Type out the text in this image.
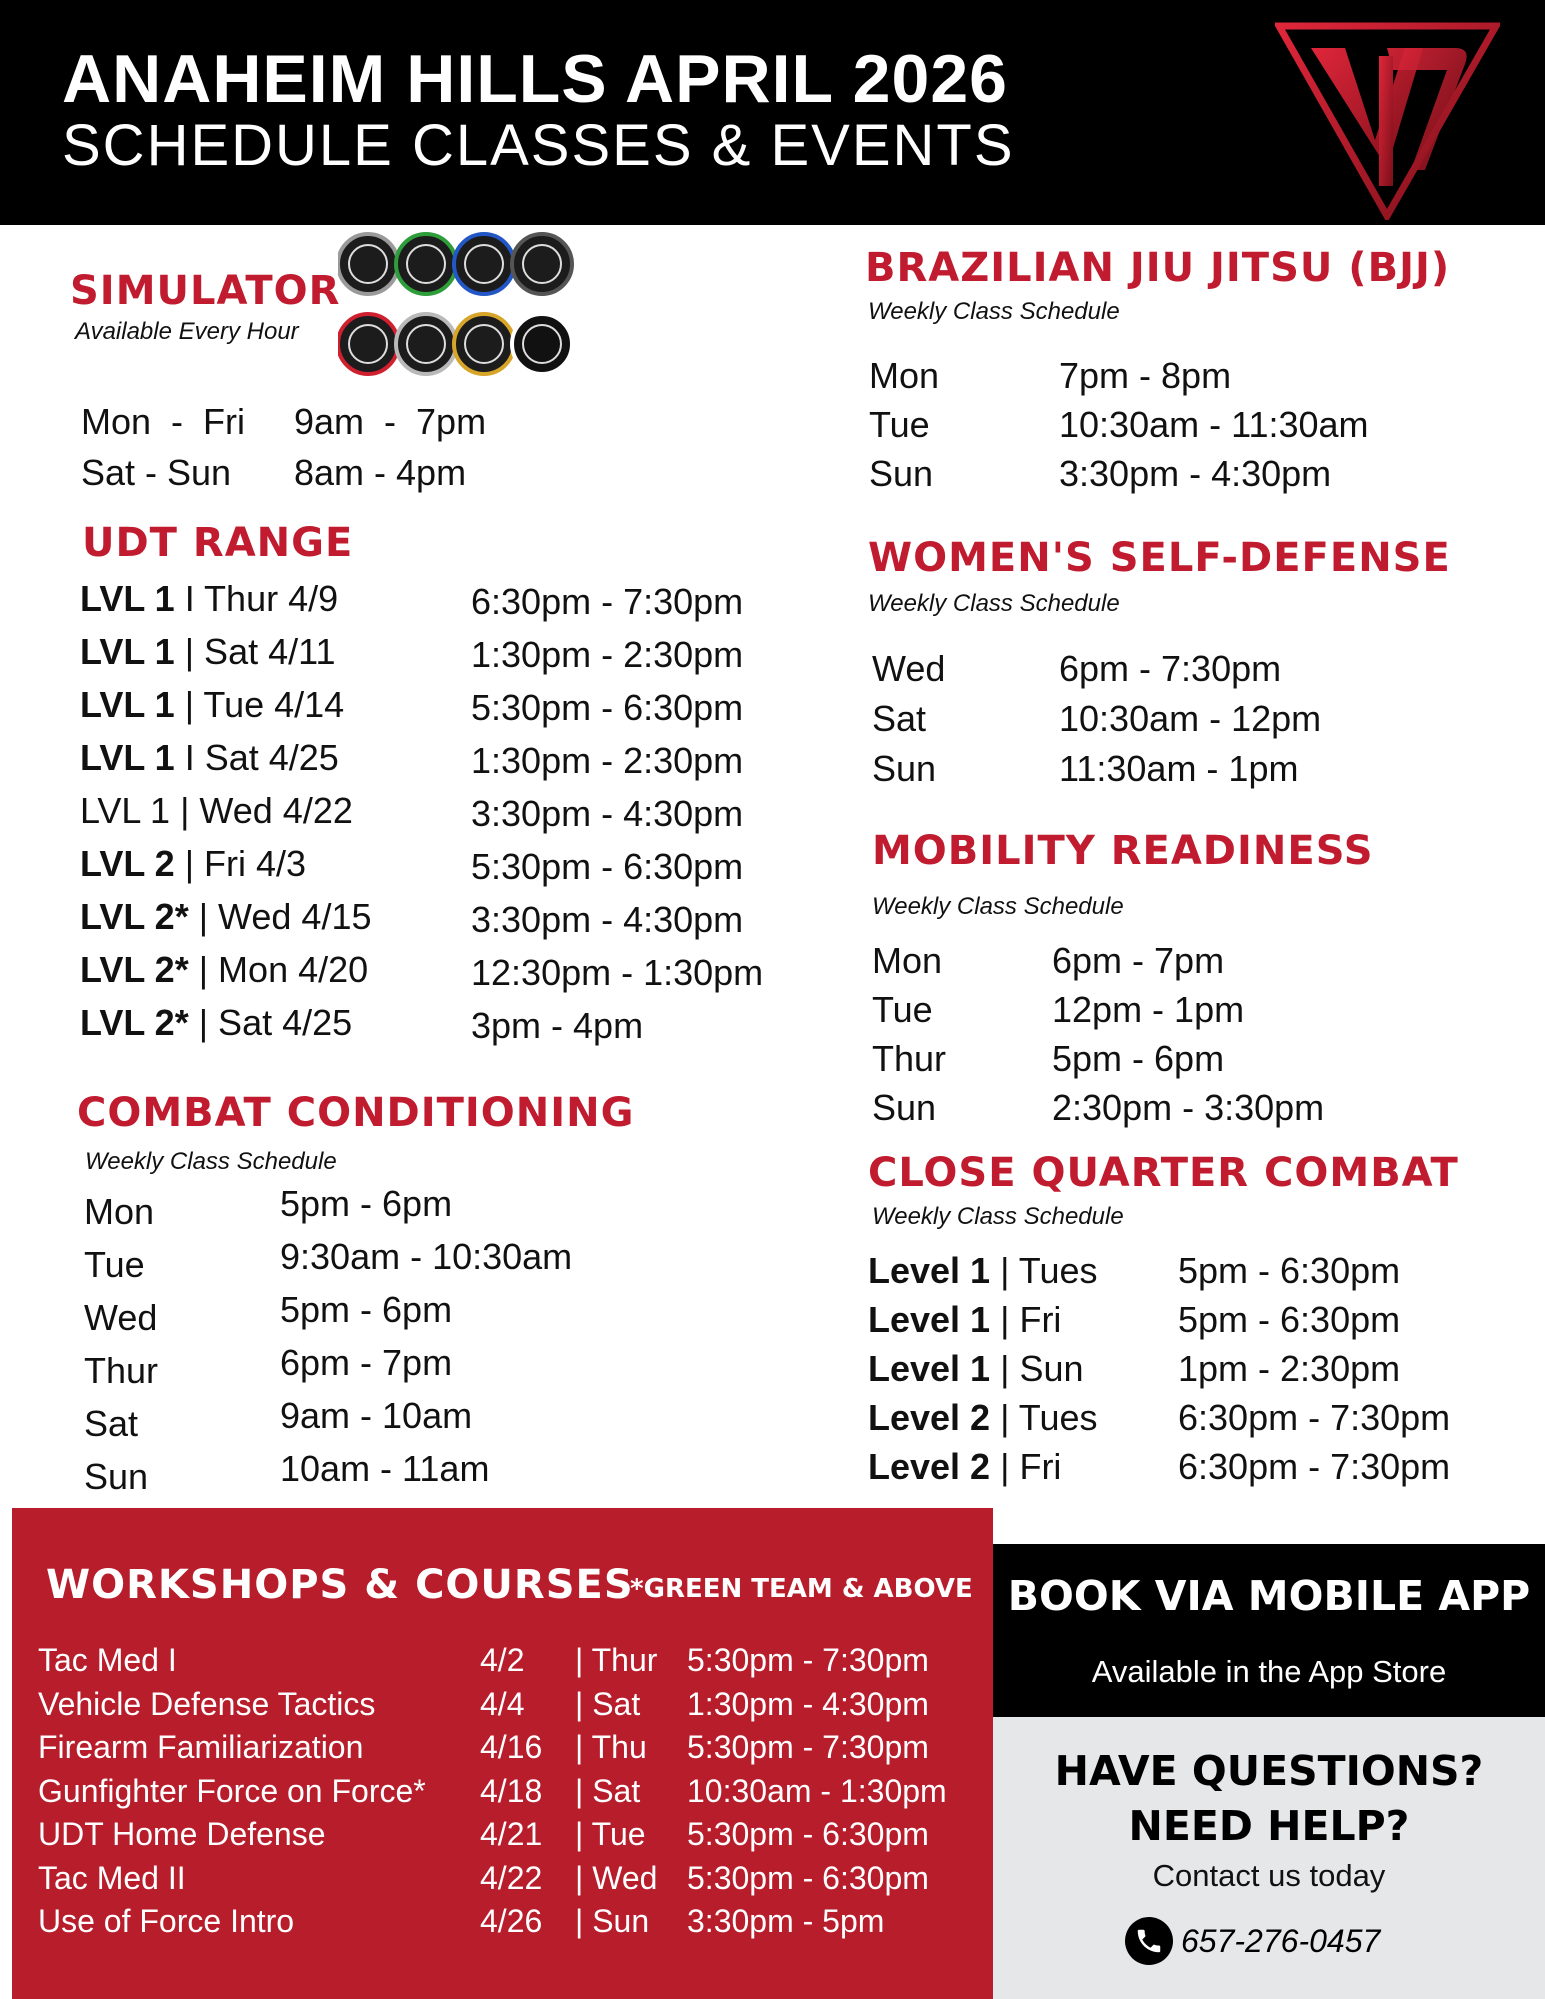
ANAHEIM HILLS APRIL 2026
SCHEDULE CLASSES & EVENTS
SIMULATOR
Available Every Hour
Mon  -  Fri 9am  -  7pm
Sat - Sun 8am - 4pm
UDT RANGE
LVL 1 I Thur 4/9	6:30pm - 7:30pm
LVL 1 | Sat 4/11	1:30pm - 2:30pm
LVL 1 | Tue 4/14	5:30pm - 6:30pm
LVL 1 I Sat 4/25	1:30pm - 2:30pm
LVL 1 | Wed 4/22	3:30pm - 4:30pm
LVL 2 | Fri 4/3	5:30pm - 6:30pm
LVL 2* | Wed 4/15	3:30pm - 4:30pm
LVL 2* | Mon 4/20	12:30pm - 1:30pm
LVL 2* | Sat 4/25	3pm - 4pm
COMBAT CONDITIONING
Weekly Class Schedule
Mon	5pm - 6pm
Tue	9:30am - 10:30am
Wed	5pm - 6pm
Thur	6pm - 7pm
Sat	9am - 10am
Sun	10am - 11am
BRAZILIAN JIU JITSU (BJJ)
Weekly Class Schedule
Mon	7pm - 8pm
Tue	10:30am - 11:30am
Sun	3:30pm - 4:30pm
WOMEN'S SELF-DEFENSE
Weekly Class Schedule
Wed	6pm - 7:30pm
Sat	10:30am - 12pm
Sun	11:30am - 1pm
MOBILITY READINESS
Weekly Class Schedule
Mon	6pm - 7pm
Tue	12pm - 1pm
Thur	5pm - 6pm
Sun	2:30pm - 3:30pm
CLOSE QUARTER COMBAT
Weekly Class Schedule
Level 1 | Tues 5pm - 6:30pm
Level 1 | Fri	5pm - 6:30pm
Level 1 | Sun	1pm - 2:30pm
Level 2 | Tues 6:30pm - 7:30pm
Level 2 | Fri	6:30pm - 7:30pm
WORKSHOPS & COURSES
*GREEN TEAM & ABOVE
Tac Med I	4/2 | Thur 5:30pm - 7:30pm
Vehicle Defense Tactics	4/4 | Sat 1:30pm - 4:30pm
Firearm Familiarization	4/16 | Thu 5:30pm - 7:30pm
Gunfighter Force on Force* 4/18 | Sat 10:30am - 1:30pm
UDT Home Defense	4/21 | Tue 5:30pm - 6:30pm
Tac Med II	4/22 | Wed 5:30pm - 6:30pm
Use of Force Intro	4/26 | Sun 3:30pm - 5pm
BOOK VIA MOBILE APP
Available in the App Store
HAVE QUESTIONS?
NEED HELP?
Contact us today
657-276-0457
